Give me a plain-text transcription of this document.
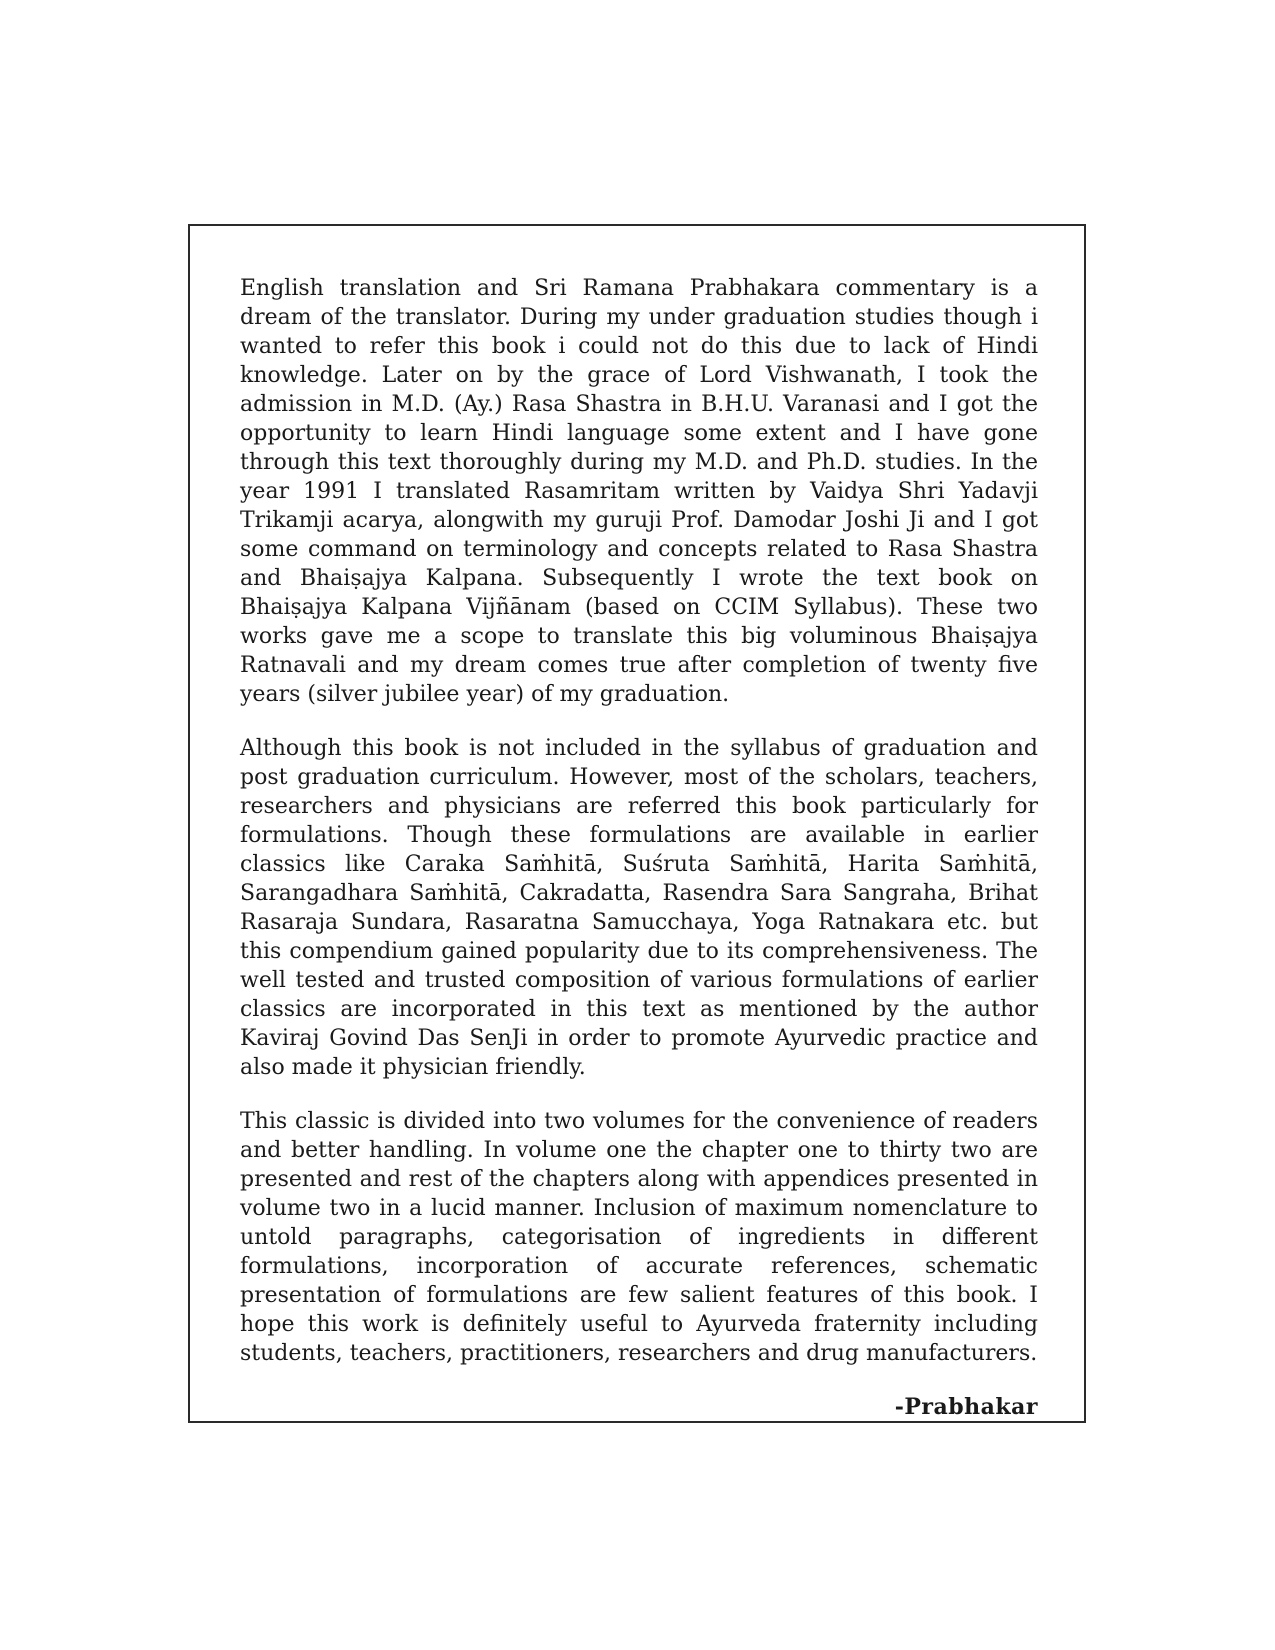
English translation and Sri Ramana Prabhakara commentary is a dream of the translator. During my under graduation studies though i wanted to refer this book i could not do this due to lack of Hindi knowledge. Later on by the grace of Lord Vishwanath, I took the admission in M.D. (Ay.) Rasa Shastra in B.H.U. Varanasi and I got the opportunity to learn Hindi language some extent and I have gone through this text thoroughly during my M.D. and Ph.D. studies. In the year 1991 I translated Rasamritam written by Vaidya Shri Yadavji Trikamji acarya, alongwith my guruji Prof. Damodar Joshi Ji and I got some command on terminology and concepts related to Rasa Shastra and Bhaiṣajya Kalpana. Subsequently I wrote the text book on Bhaiṣajya Kalpana Vijñānam (based on CCIM Syllabus). These two works gave me a scope to translate this big voluminous Bhaiṣajya Ratnavali and my dream comes true after completion of twenty five years (silver jubilee year) of my graduation.

Although this book is not included in the syllabus of graduation and post graduation curriculum. However, most of the scholars, teachers, researchers and physicians are referred this book particularly for formulations. Though these formulations are available in earlier classics like Caraka Saṁhitā, Suśruta Saṁhitā, Harita Saṁhitā, Sarangadhara Saṁhitā, Cakradatta, Rasendra Sara Sangraha, Brihat Rasaraja Sundara, Rasaratna Samucchaya, Yoga Ratnakara etc. but this compendium gained popularity due to its comprehensiveness. The well tested and trusted composition of various formulations of earlier classics are incorporated in this text as mentioned by the author Kaviraj Govind Das SenJi in order to promote Ayurvedic practice and also made it physician friendly.

This classic is divided into two volumes for the convenience of readers and better handling. In volume one the chapter one to thirty two are presented and rest of the chapters along with appendices presented in volume two in a lucid manner. Inclusion of maximum nomenclature to untold paragraphs, categorisation of ingredients in different formulations, incorporation of accurate references, schematic presentation of formulations are few salient features of this book. I hope this work is definitely useful to Ayurveda fraternity including students, teachers, practitioners, researchers and drug manufacturers.

-Prabhakar
